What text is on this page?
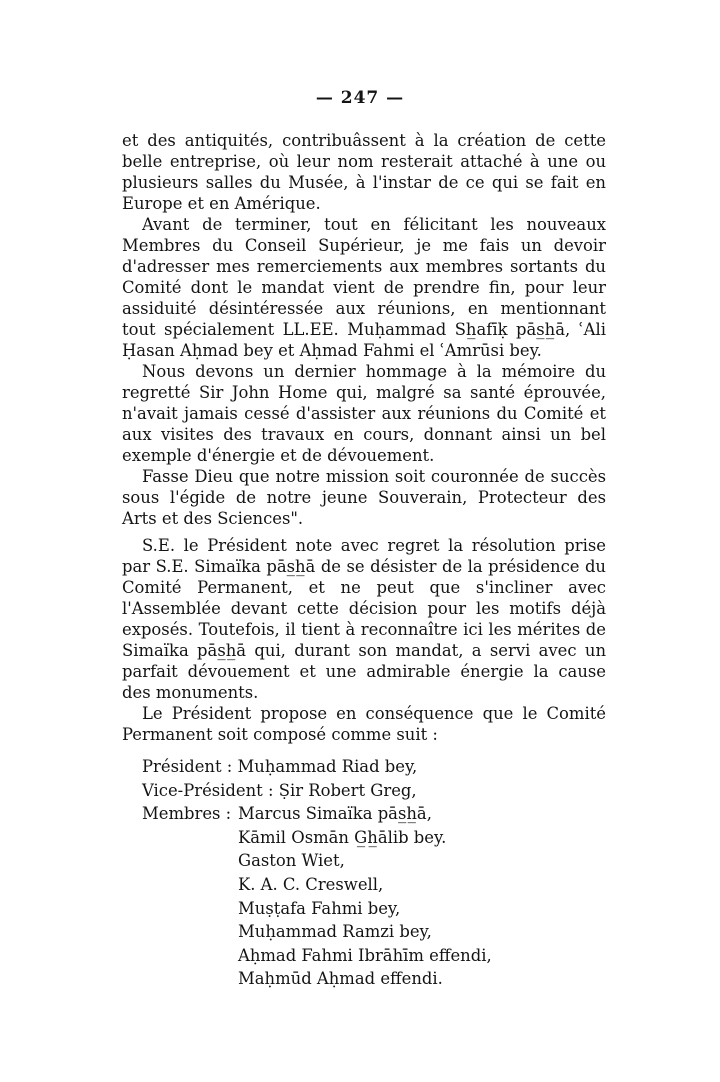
— 247 —

et des antiquités, contribuâssent à la création de cette belle entreprise, où leur nom resterait attaché à une ou plusieurs salles du Musée, à l'instar de ce qui se fait en Europe et en Amérique.

Avant de terminer, tout en félicitant les nouveaux Membres du Conseil Supérieur, je me fais un devoir d'adresser mes remerciements aux membres sortants du Comité dont le mandat vient de prendre fin, pour leur assiduité désintéressée aux réunions, en mentionnant tout spécialement LL.EE. Muḥammad Sh̲afīḳ pās̲h̲ā, ʿAli Ḥasan Aḥmad bey et Aḥmad Fahmi el ʿAmrūsi bey.

Nous devons un dernier hommage à la mémoire du regretté Sir John Home qui, malgré sa santé éprouvée, n'avait jamais cessé d'assister aux réunions du Comité et aux visites des travaux en cours, donnant ainsi un bel exemple d'énergie et de dévouement.

Fasse Dieu que notre mission soit couronnée de succès sous l'égide de notre jeune Souverain, Protecteur des Arts et des Sciences".

S.E. le Président note avec regret la résolution prise par S.E. Simaïka pās̲h̲ā de se désister de la présidence du Comité Permanent, et ne peut que s'incliner avec l'Assemblée devant cette décision pour les motifs déjà exposés. Toutefois, il tient à reconnaître ici les mérites de Simaïka pās̲h̲ā qui, durant son mandat, a servi avec un parfait dévouement et une admirable énergie la cause des monuments.

Le Président propose en conséquence que le Comité Permanent soit composé comme suit :

Président : Muḥammad Riad bey,
Vice-Président : Ṣir Robert Greg,
Membres : Marcus Simaïka pās̲h̲ā,
Kāmil Osmān G̲h̲ālib bey.
Gaston Wiet,
K. A. C. Creswell,
Muṣṭafa Fahmi bey,
Muḥammad Ramzi bey,
Aḥmad Fahmi Ibrāhīm effendi,
Maḥmūd Aḥmad effendi.
